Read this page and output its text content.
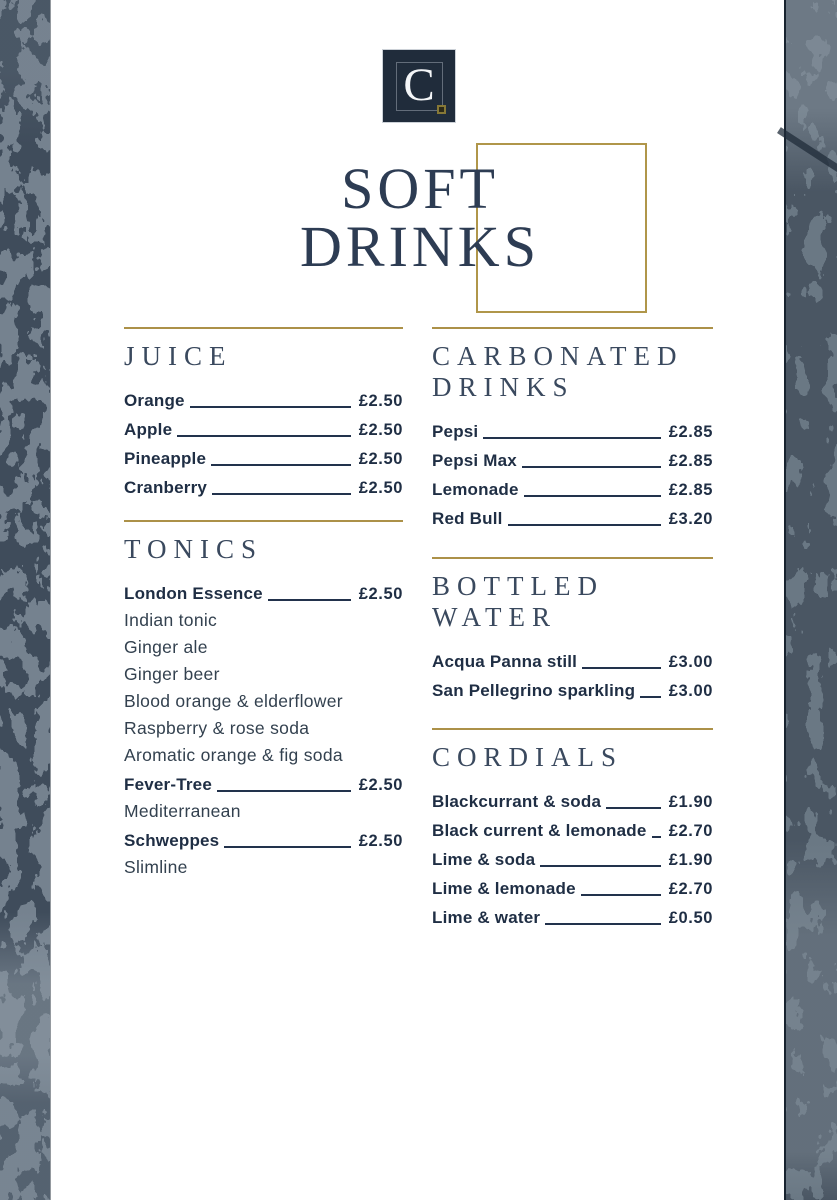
C
SOFT
DRINKS
JUICE
Orange	£2.50
Apple	£2.50
Pineapple	£2.50
Cranberry	£2.50
TONICS
London Essence	£2.50
Indian tonic
Ginger ale
Ginger beer
Blood orange & elderflower
Raspberry & rose soda
Aromatic orange & fig soda
Fever-Tree	£2.50
Mediterranean
Schweppes	£2.50
Slimline
CARBONATED
DRINKS
Pepsi	£2.85
Pepsi Max	£2.85
Lemonade	£2.85
Red Bull	£3.20
BOTTLED
WATER
Acqua Panna still	£3.00
San Pellegrino sparkling £3.00
CORDIALS
Blackcurrant & soda	£1.90
Black current & lemonade £2.70
Lime & soda	£1.90
Lime & lemonade	£2.70
Lime & water	£0.50
